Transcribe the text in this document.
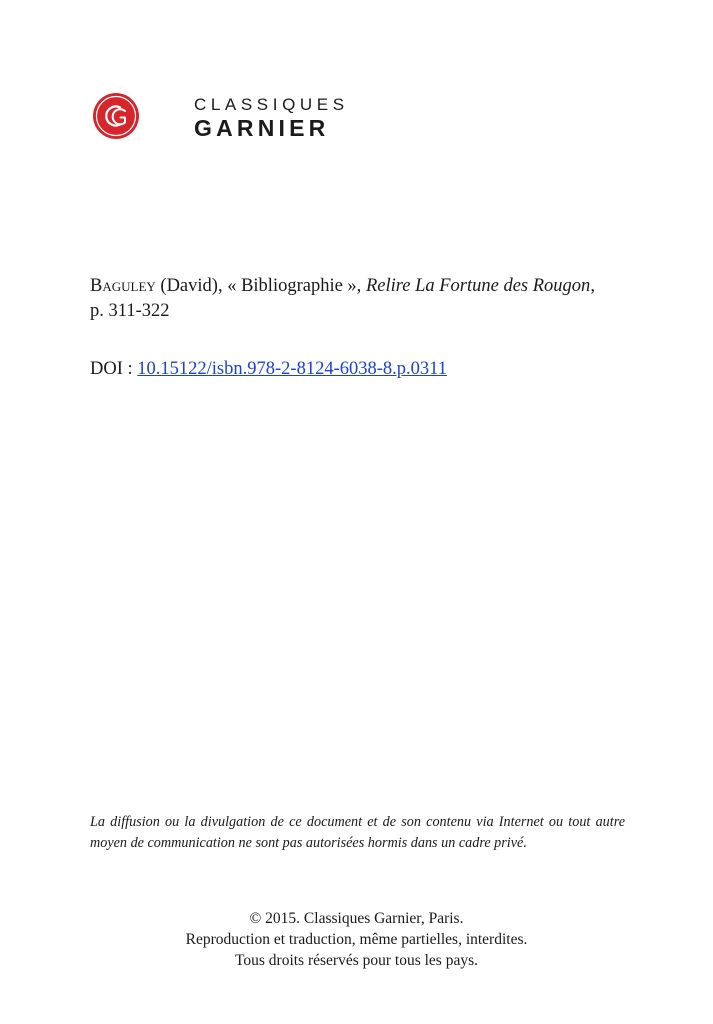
CLASSIQUES
GARNIER
Baguley (David), « Bibliographie », Relire La Fortune des Rougon,
p. 311-322
DOI : 10.15122/isbn.978-2-8124-6038-8.p.0311
La diffusion ou la divulgation de ce document et de son contenu via Internet ou tout autre moyen de communication ne sont pas autorisées hormis dans un cadre privé.
© 2015. Classiques Garnier, Paris.
Reproduction et traduction, même partielles, interdites.
Tous droits réservés pour tous les pays.
